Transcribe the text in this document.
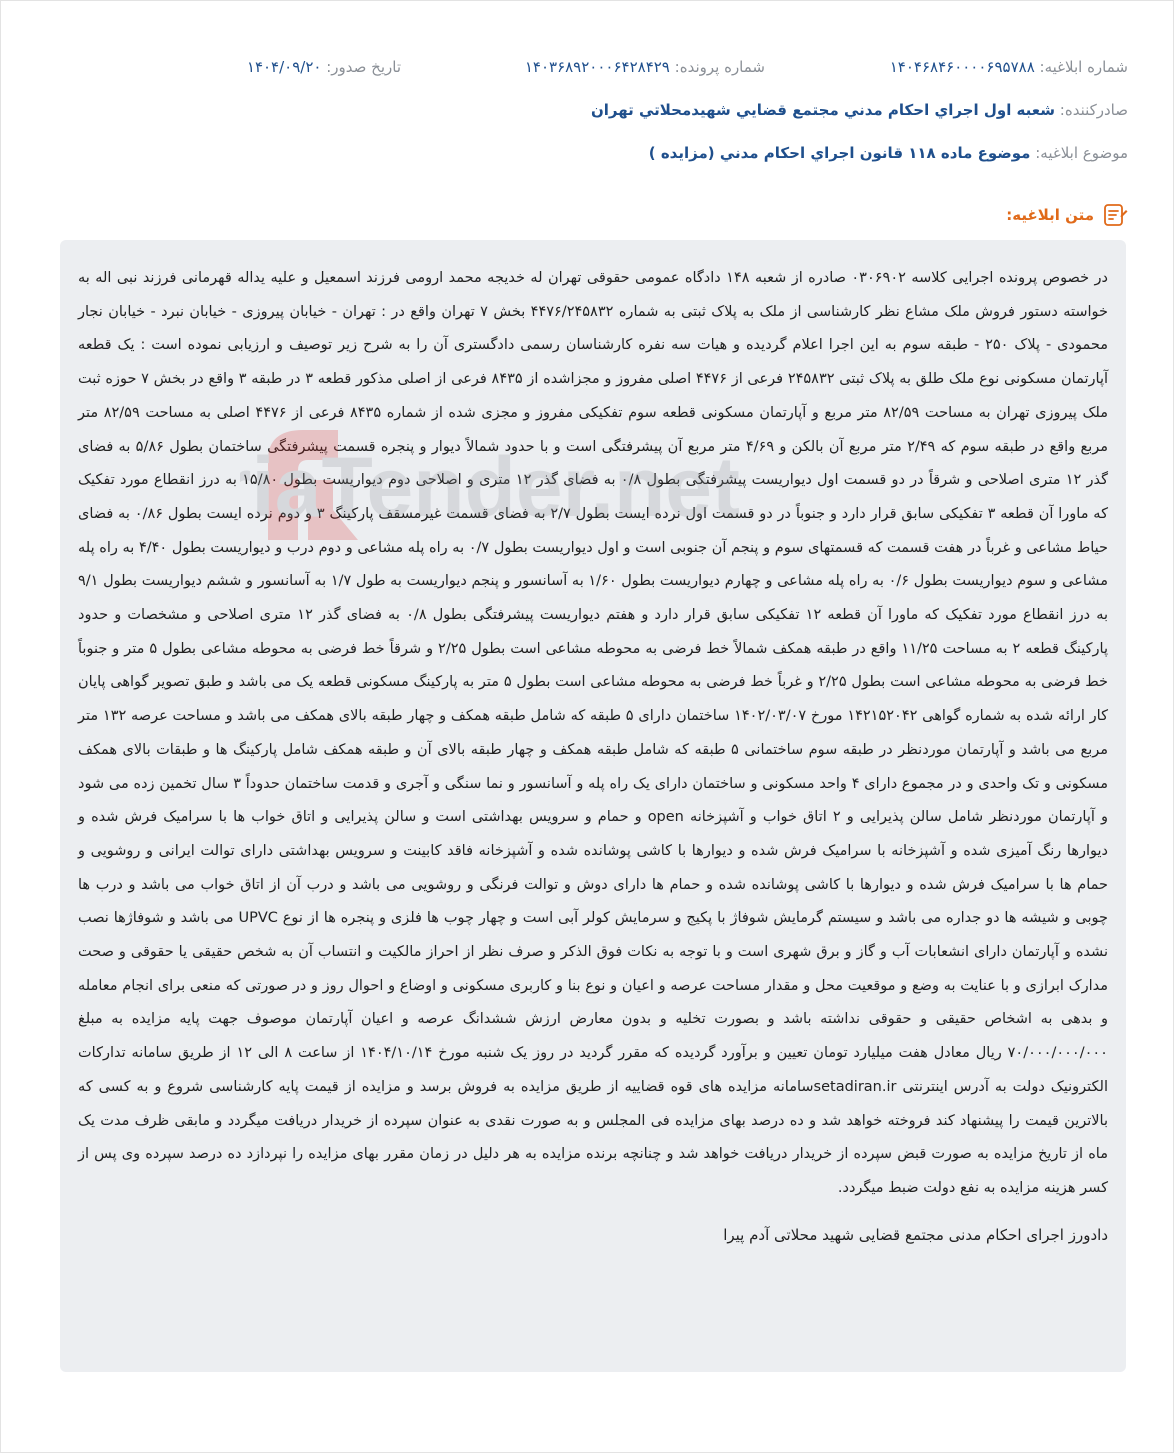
شماره ابلاغیه: ۱۴۰۴۶۸۴۶۰۰۰۰۶۹۵۷۸۸
شماره پرونده: ۱۴۰۳۶۸۹۲۰۰۰۶۴۲۸۴۲۹
تاریخ صدور: ۱۴۰۴/۰۹/۲۰
صادرکننده: شعبه اول اجراي احكام مدني مجتمع قضايي شهيدمحلاتي تهران
موضوع ابلاغیه: موضوع ماده ۱۱۸ قانون اجراي احكام مدني (مزايده )
متن ابلاغیه:

در خصوص پرونده اجرایی کلاسه ۰۳۰۶۹۰۲ صادره از شعبه ۱۴۸ دادگاه عمومی حقوقی تهران له خدیجه محمد ارومی فرزند اسمعیل و علیه یداله قهرمانی فرزند نبی اله به خواسته دستور فروش ملک مشاع نظر کارشناسی از ملک به پلاک ثبتی به شماره ۴۴۷۶/۲۴۵۸۳۲ بخش ۷ تهران واقع در : تهران - خیابان پیروزی - خیابان نبرد - خیابان نجار محمودی - پلاک ۲۵۰ - طبقه سوم به این اجرا اعلام گردیده و هیات سه نفره کارشناسان رسمی دادگستری آن را به شرح زیر توصیف و ارزیابی نموده است : یک قطعه آپارتمان مسکونی نوع ملک طلق به پلاک ثبتی ۲۴۵۸۳۲ فرعی از ۴۴۷۶ اصلی مفروز و مجزاشده از ۸۴۳۵ فرعی از اصلی مذکور قطعه ۳ در طبقه ۳ واقع در بخش ۷ حوزه ثبت ملک پیروزی تهران به مساحت ۸۲/۵۹ متر مربع و آپارتمان مسکونی قطعه سوم تفکیکی مفروز و مجزی شده از شماره ۸۴۳۵ فرعی از ۴۴۷۶ اصلی به مساحت ۸۲/۵۹ متر مربع واقع در طبقه سوم که ۲/۴۹ متر مربع آن بالکن و ۴/۶۹ متر مربع آن پیشرفتگی است و با حدود شمالاً دیوار و پنجره قسمت پیشرفتگی ساختمان بطول ۵/۸۶ به فضای گذر ۱۲ متری اصلاحی و شرقاً در دو قسمت اول دیواریست پیشرفتگی بطول ۰/۸ به فضای گذر ۱۲ متری و اصلاحی دوم دیواریست بطول ۱۵/۸۰ به درز انقطاع مورد تفکیک که ماورا آن قطعه ۳ تفکیکی سابق قرار دارد و جنوباً در دو قسمت اول نرده ایست بطول ۲/۷ به فضای قسمت غیرمسقف پارکینگ ۳ و دوم نرده ایست بطول ۰/۸۶ به فضای حیاط مشاعی و غرباً در هفت قسمت که قسمتهای سوم و پنجم آن جنوبی است و اول دیواریست بطول ۰/۷ به راه پله مشاعی و دوم درب و دیواریست بطول ۴/۴۰ به راه پله مشاعی و سوم دیواریست بطول ۰/۶ به راه پله مشاعی و چهارم دیواریست بطول ۱/۶۰ به آسانسور و پنجم دیواریست به طول ۱/۷ به آسانسور و ششم دیواریست بطول ۹/۱ به درز انقطاع مورد تفکیک که ماورا آن قطعه ۱۲ تفکیکی سابق قرار دارد و هفتم دیواریست پیشرفتگی بطول ۰/۸ به فضای گذر ۱۲ متری اصلاحی و مشخصات و حدود پارکینگ قطعه ۲ به مساحت ۱۱/۲۵ واقع در طبقه همکف شمالاً خط فرضی به محوطه مشاعی است بطول ۲/۲۵ و شرقاً خط فرضی به محوطه مشاعی بطول ۵ متر و جنوباً خط فرضی به محوطه مشاعی است بطول ۲/۲۵ و غرباً خط فرضی به محوطه مشاعی است بطول ۵ متر به پارکینگ مسکونی قطعه یک می باشد و طبق تصویر گواهی پایان کار ارائه شده به شماره گواهی ۱۴۲۱۵۲۰۴۲ مورخ ۱۴۰۲/۰۳/۰۷ ساختمان دارای ۵ طبقه که شامل طبقه همکف و چهار طبقه بالای همکف می باشد و مساحت عرصه ۱۳۲ متر مربع می باشد و آپارتمان موردنظر در طبقه سوم ساختمانی ۵ طبقه که شامل طبقه همکف و چهار طبقه بالای آن و طبقه همکف شامل پارکینگ ها و طبقات بالای همکف مسکونی و تک واحدی و در مجموع دارای ۴ واحد مسکونی و ساختمان دارای یک راه پله و آسانسور و نما سنگی و آجری و قدمت ساختمان حدوداً ۳ سال تخمین زده می شود و آپارتمان موردنظر شامل سالن پذیرایی و ۲ اتاق خواب و آشپزخانه open و حمام و سرویس بهداشتی است و سالن پذیرایی و اتاق خواب ها با سرامیک فرش شده و دیوارها رنگ آمیزی شده و آشپزخانه با سرامیک فرش شده و دیوارها با کاشی پوشانده شده و آشپزخانه فاقد کابینت و سرویس بهداشتی دارای توالت ایرانی و روشویی و حمام ها با سرامیک فرش شده و دیوارها با کاشی پوشانده شده و حمام ها دارای دوش و توالت فرنگی و روشویی می باشد و درب آن از اتاق خواب می باشد و درب ها چوبی و شیشه ها دو جداره می باشد و سیستم گرمایش شوفاژ با پکیج و سرمایش کولر آبی است و چهار چوب ها فلزی و پنجره ها از نوع UPVC می باشد و شوفاژها نصب نشده و آپارتمان دارای انشعابات آب و گاز و برق شهری است و با توجه به نکات فوق الذکر و صرف نظر از احراز مالکیت و انتساب آن به شخص حقیقی یا حقوقی و صحت مدارک ابرازی و با عنایت به وضع و موقعیت محل و مقدار مساحت عرصه و اعیان و نوع بنا و کاربری مسکونی و اوضاع و احوال روز و در صورتی که منعی برای انجام معامله و بدهی به اشخاص حقیقی و حقوقی نداشته باشد و بصورت تخلیه و بدون معارض ارزش ششدانگ عرصه و اعیان آپارتمان موصوف جهت پایه مزایده به مبلغ ۷۰/۰۰۰/۰۰۰/۰۰۰ ریال معادل هفت میلیارد تومان تعیین و برآورد گردیده که مقرر گردید در روز یک شنبه مورخ ۱۴۰۴/۱۰/۱۴ از ساعت ۸ الی ۱۲ از طریق سامانه تدارکات الکترونیک دولت به آدرس اینترنتی setadiran.irسامانه مزایده های قوه قضاییه از طریق مزایده به فروش برسد و مزایده از قیمت پایه کارشناسی شروع و به کسی که بالاترین قیمت را پیشنهاد کند فروخته خواهد شد و ده درصد بهای مزایده فی المجلس و به صورت نقدی به عنوان سپرده از خریدار دریافت میگردد و مابقی ظرف مدت یک ماه از تاریخ مزایده به صورت قبض سپرده از خریدار دریافت خواهد شد و چنانچه برنده مزایده به هر دلیل در زمان مقرر بهای مزایده را نپردازد ده درصد سپرده وی پس از کسر هزینه مزایده به نفع دولت ضبط میگردد.

دادورز اجرای احکام مدنی مجتمع قضایی شهید محلاتی آدم پیرا
iaTender.net
